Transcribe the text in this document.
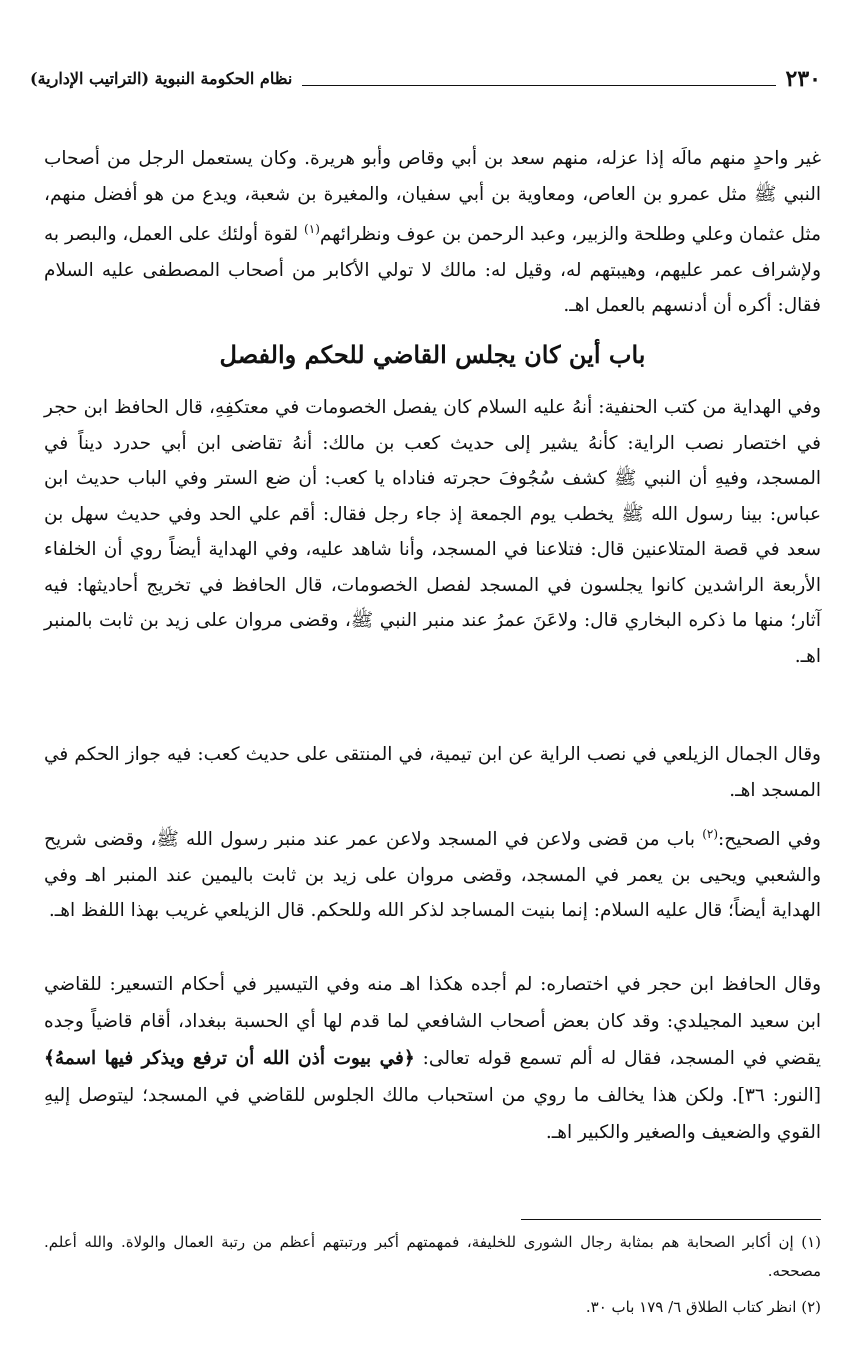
٢٣٠
نظام الحكومة النبوية (التراتيب الإدارية)

غير واحدٍ منهم مالَه إذا عزله، منهم سعد بن أبي وقاص وأبو هريرة. وكان يستعمل الرجل من أصحاب النبي ﷺ مثل عمرو بن العاص، ومعاوية بن أبي سفيان، والمغيرة بن شعبة، ويدع من هو أفضل منهم، مثل عثمان وعلي وطلحة والزبير، وعبد الرحمن بن عوف ونظرائهم$^{(١)}$ لقوة أولئك على العمل، والبصر به ولإشراف عمر عليهم، وهيبتهم له، وقيل له: مالك لا تولي الأكابر من أصحاب المصطفى عليه السلام فقال: أكره أن أدنسهم بالعمل اهـ.

باب أين كان يجلس القاضي للحكم والفصل

وفي الهداية من كتب الحنفية: أنهُ عليه السلام كان يفصل الخصومات في معتكفِهِ، قال الحافظ ابن حجر في اختصار نصب الراية: كأنهُ يشير إلى حديث كعب بن مالك: أنهُ تقاضى ابن أبي حدرد ديناً في المسجد، وفيهِ أن النبي ﷺ كشف سُجُوفَ حجرته فناداه يا كعب: أن ضع الستر وفي الباب حديث ابن عباس: بينا رسول الله ﷺ يخطب يوم الجمعة إذ جاء رجل فقال: أقم علي الحد وفي حديث سهل بن سعد في قصة المتلاعنين قال: فتلاعنا في المسجد، وأنا شاهد عليه، وفي الهداية أيضاً روي أن الخلفاء الأربعة الراشدين كانوا يجلسون في المسجد لفصل الخصومات، قال الحافظ في تخريج أحاديثها: فيه آثار؛ منها ما ذكره البخاري قال: ولاعَنَ عمرُ عند منبر النبي ﷺ، وقضى مروان على زيد بن ثابت بالمنبر اهـ.

وقال الجمال الزيلعي في نصب الراية عن ابن تيمية، في المنتقى على حديث كعب: فيه جواز الحكم في المسجد اهـ.

وفي الصحيح:$^{(٢)}$ باب من قضى ولاعن في المسجد ولاعن عمر عند منبر رسول الله ﷺ، وقضى شريح والشعبي ويحيى بن يعمر في المسجد، وقضى مروان على زيد بن ثابت باليمين عند المنبر اهـ وفي الهداية أيضاً؛ قال عليه السلام: إنما بنيت المساجد لذكر الله وللحكم. قال الزيلعي غريب بهذا اللفظ اهـ.

وقال الحافظ ابن حجر في اختصاره: لم أجده هكذا اهـ منه وفي التيسير في أحكام التسعير: للقاضي ابن سعيد المجيلدي: وقد كان بعض أصحاب الشافعي لما قدم لها أي الحسبة ببغداد، أقام قاضياً وجده يقضي في المسجد، فقال له ألم تسمع قوله تعالى: ﴿في بيوت أذن الله أن ترفع ويذكر فيها اسمهُ﴾ [النور: ٣٦]. ولكن هذا يخالف ما روي من استحباب مالك الجلوس للقاضي في المسجد؛ ليتوصل إليهِ القوي والضعيف والصغير والكبير اهـ.

(١) إن أكابر الصحابة هم بمثابة رجال الشورى للخليفة، فمهمتهم أكبر ورتبتهم أعظم من رتبة العمال والولاة. والله أعلم. مصححه.

(٢) انظر كتاب الطلاق ٦/ ١٧٩ باب ٣٠.
